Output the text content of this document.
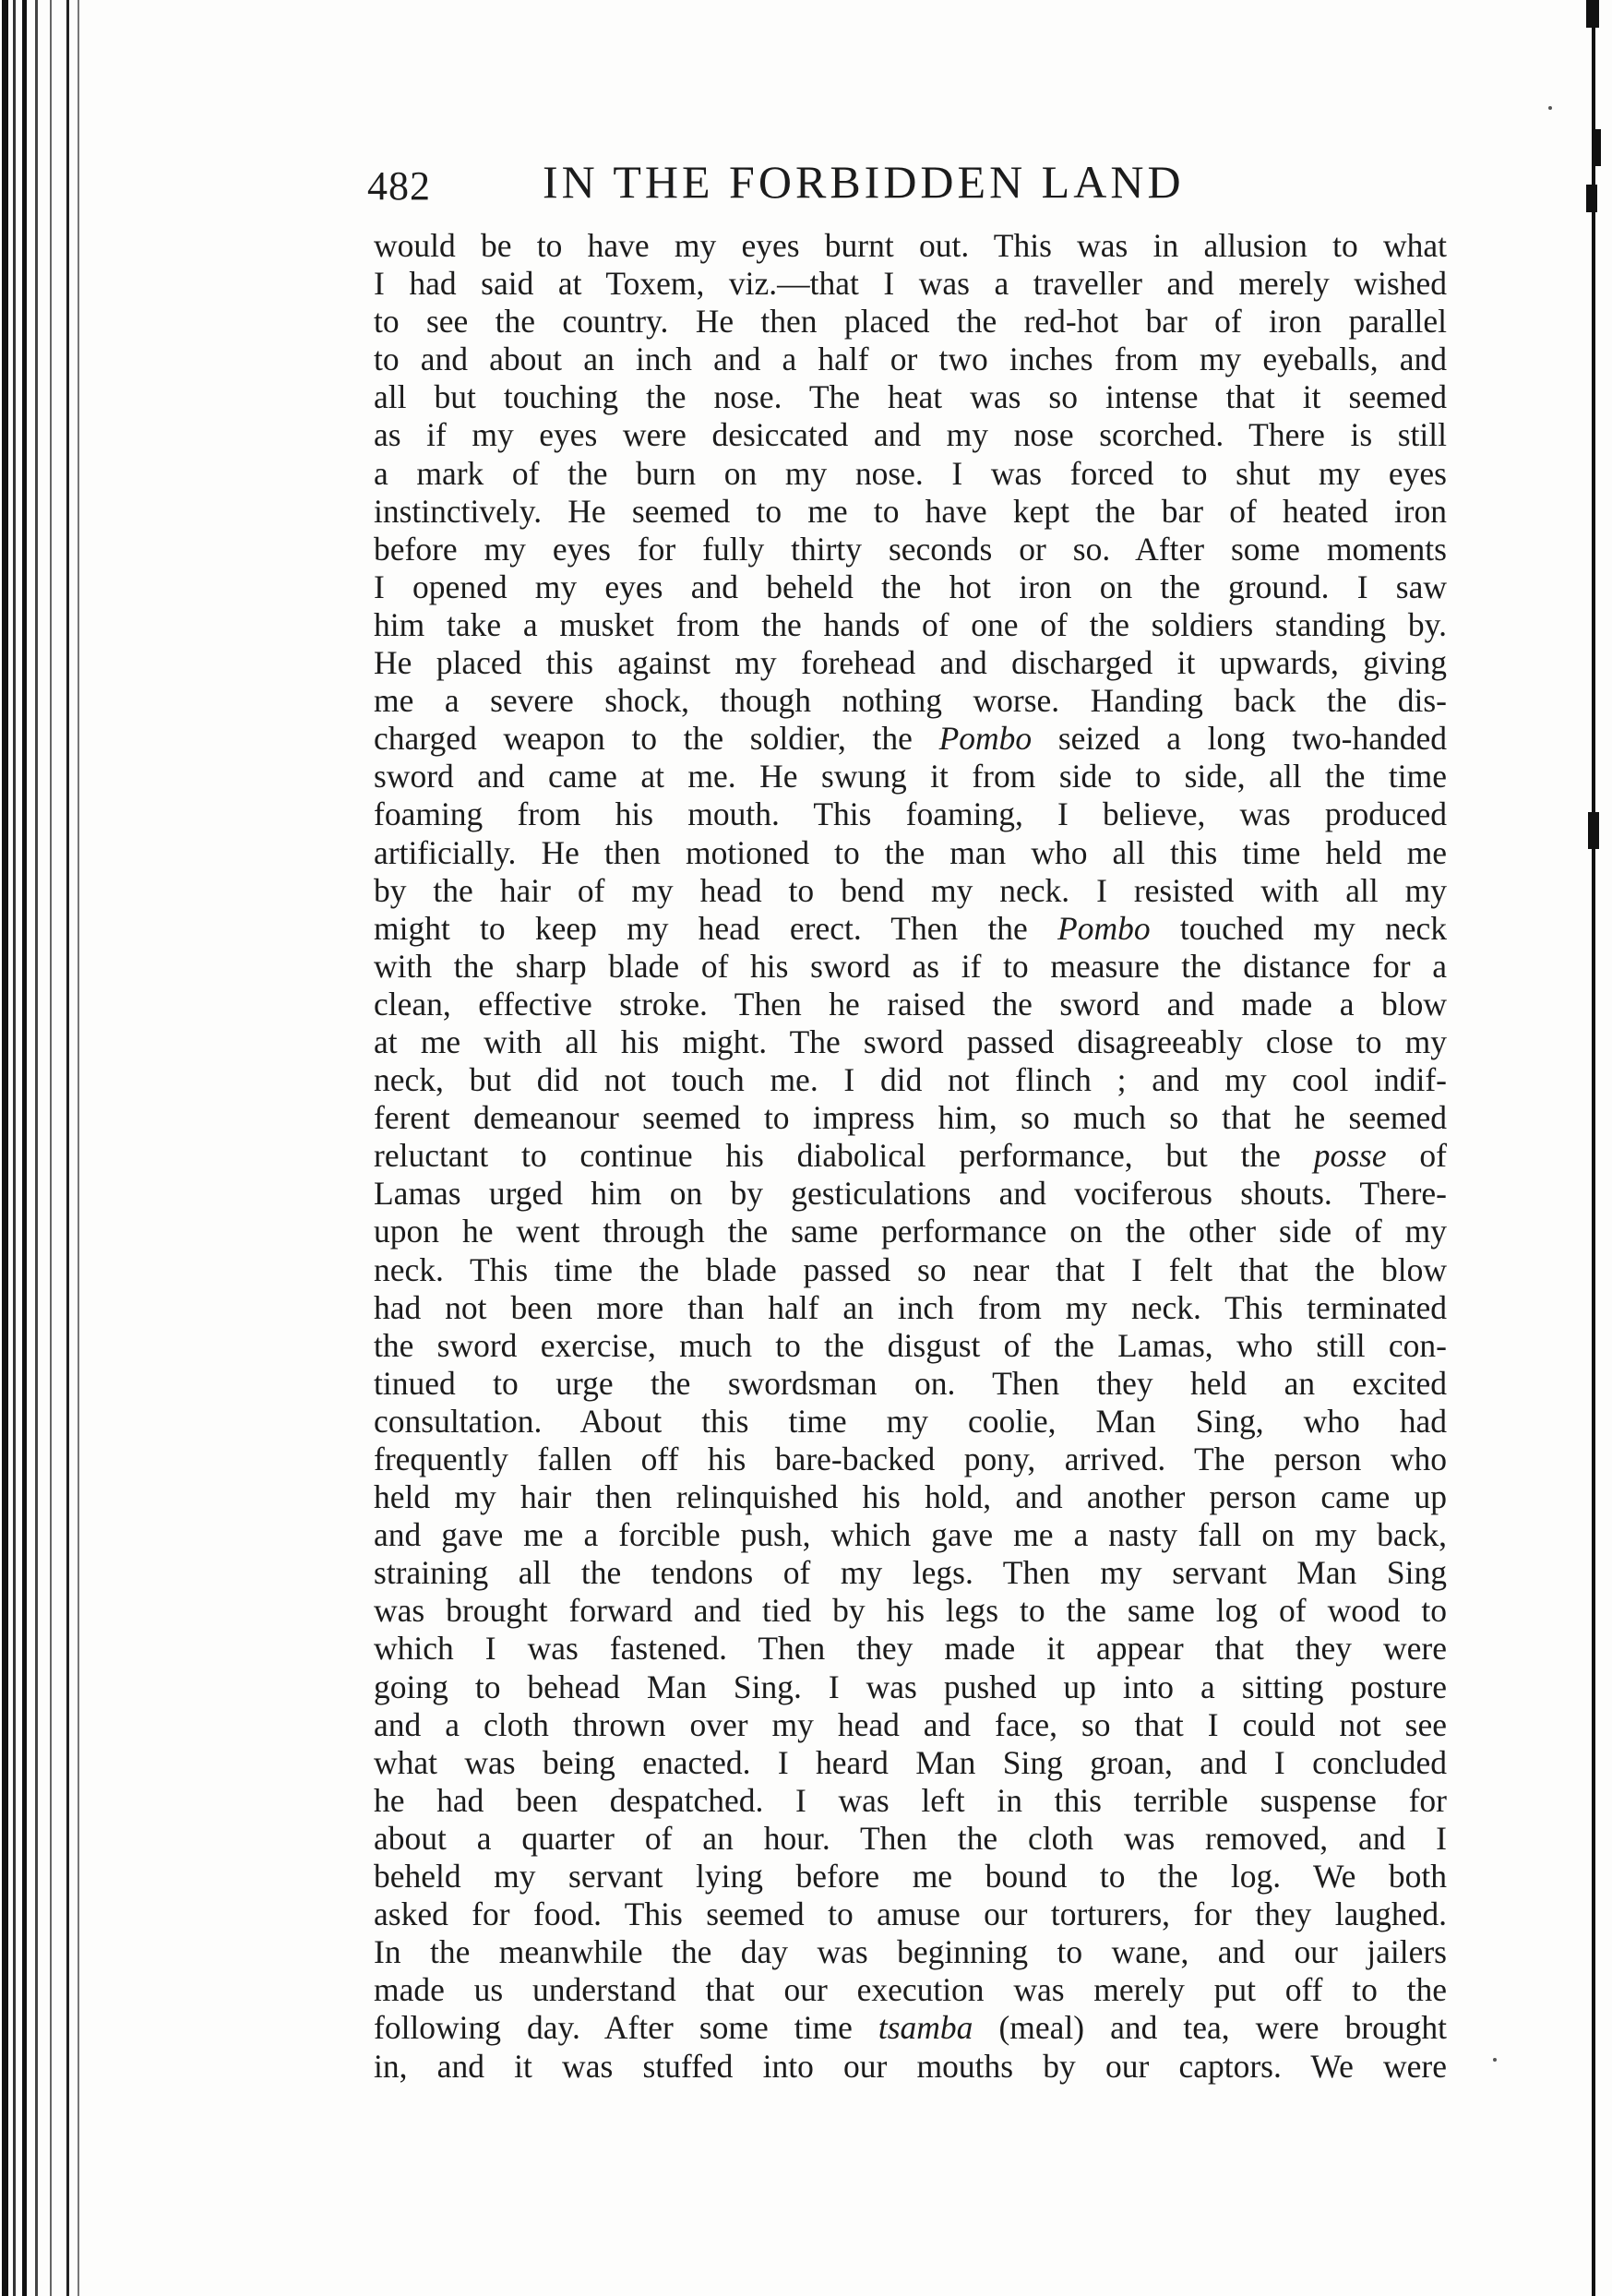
482 IN THE FORBIDDEN LAND
would be to have my eyes burnt out. This was in allusion to what
I had said at Toxem, viz.—that I was a traveller and merely wished
to see the country. He then placed the red-hot bar of iron parallel
to and about an inch and a half or two inches from my eyeballs, and
all but touching the nose. The heat was so intense that it seemed
as if my eyes were desiccated and my nose scorched. There is still
a mark of the burn on my nose. I was forced to shut my eyes
instinctively. He seemed to me to have kept the bar of heated iron
before my eyes for fully thirty seconds or so. After some moments
I opened my eyes and beheld the hot iron on the ground. I saw
him take a musket from the hands of one of the soldiers standing by.
He placed this against my forehead and discharged it upwards, giving
me a severe shock, though nothing worse. Handing back the dis-
charged weapon to the soldier, the Pombo seized a long two-handed
sword and came at me. He swung it from side to side, all the time
foaming from his mouth. This foaming, I believe, was produced
artificially. He then motioned to the man who all this time held me
by the hair of my head to bend my neck. I resisted with all my
might to keep my head erect. Then the Pombo touched my neck
with the sharp blade of his sword as if to measure the distance for a
clean, effective stroke. Then he raised the sword and made a blow
at me with all his might. The sword passed disagreeably close to my
neck, but did not touch me. I did not flinch ; and my cool indif-
ferent demeanour seemed to impress him, so much so that he seemed
reluctant to continue his diabolical performance, but the posse of
Lamas urged him on by gesticulations and vociferous shouts. There-
upon he went through the same performance on the other side of my
neck. This time the blade passed so near that I felt that the blow
had not been more than half an inch from my neck. This terminated
the sword exercise, much to the disgust of the Lamas, who still con-
tinued to urge the swordsman on. Then they held an excited
consultation. About this time my coolie, Man Sing, who had
frequently fallen off his bare-backed pony, arrived. The person who
held my hair then relinquished his hold, and another person came up
and gave me a forcible push, which gave me a nasty fall on my back,
straining all the tendons of my legs. Then my servant Man Sing
was brought forward and tied by his legs to the same log of wood to
which I was fastened. Then they made it appear that they were
going to behead Man Sing. I was pushed up into a sitting posture
and a cloth thrown over my head and face, so that I could not see
what was being enacted. I heard Man Sing groan, and I concluded
he had been despatched. I was left in this terrible suspense for
about a quarter of an hour. Then the cloth was removed, and I
beheld my servant lying before me bound to the log. We both
asked for food. This seemed to amuse our torturers, for they laughed.
In the meanwhile the day was beginning to wane, and our jailers
made us understand that our execution was merely put off to the
following day. After some time tsamba (meal) and tea, were brought
in, and it was stuffed into our mouths by our captors. We were
